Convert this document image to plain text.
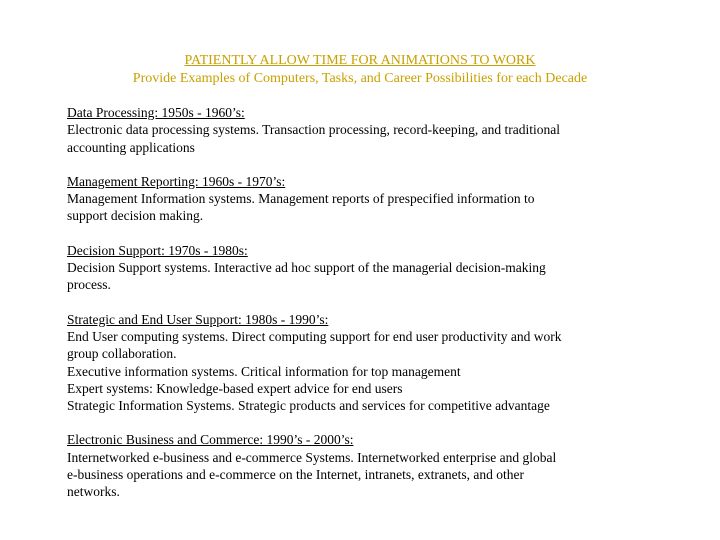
PATIENTLY ALLOW TIME FOR ANIMATIONS TO WORK
Provide Examples of Computers, Tasks, and Career Possibilities for each Decade
Data Processing: 1950s - 1960’s:
Electronic data processing systems. Transaction processing, record-keeping, and traditional
accounting applications
Management Reporting: 1960s - 1970’s:
Management Information systems. Management reports of prespecified information to
support decision making.
Decision Support: 1970s - 1980s:
Decision Support systems. Interactive ad hoc support of the managerial decision-making
process.
Strategic and End User Support: 1980s - 1990’s:
End User computing systems. Direct computing support for end user productivity and work
group collaboration.
Executive information systems. Critical information for top management
Expert systems: Knowledge-based expert advice for end users
Strategic Information Systems. Strategic products and services for competitive advantage
Electronic Business and Commerce: 1990’s - 2000’s:
Internetworked e-business and e-commerce Systems. Internetworked enterprise and global
e-business operations and e-commerce on the Internet, intranets, extranets, and other
networks.
